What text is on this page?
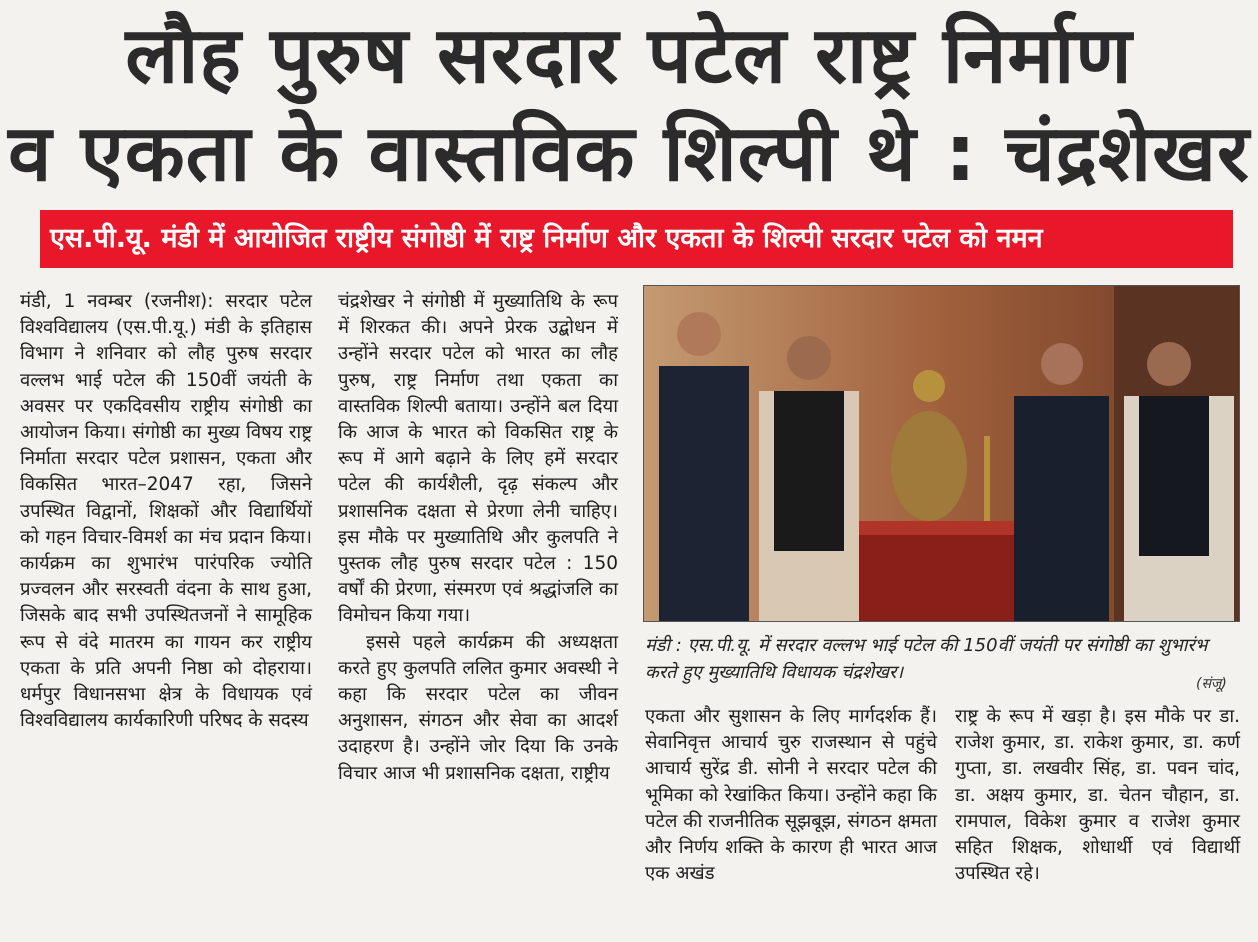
लौह पुरुष सरदार पटेल राष्ट्र निर्माण
व एकता के वास्तविक शिल्पी थे : चंद्रशेखर
एस.पी.यू. मंडी में आयोजित राष्ट्रीय संगोष्ठी में राष्ट्र निर्माण और एकता के शिल्पी सरदार पटेल को नमन

मंडी, 1 नवम्बर (रजनीश): सरदार पटेल विश्वविद्यालय (एस.पी.यू.) मंडी के इतिहास विभाग ने शनिवार को लौह पुरुष सरदार वल्लभ भाई पटेल की 150वीं जयंती के अवसर पर एकदिवसीय राष्ट्रीय संगोष्ठी का आयोजन किया। संगोष्ठी का मुख्य विषय राष्ट्र निर्माता सरदार पटेल प्रशासन, एकता और विकसित भारत–2047 रहा, जिसने उपस्थित विद्वानों, शिक्षकों और विद्यार्थियों को गहन विचार-विमर्श का मंच प्रदान किया। कार्यक्रम का शुभारंभ पारंपरिक ज्योति प्रज्वलन और सरस्वती वंदना के साथ हुआ, जिसके बाद सभी उपस्थितजनों ने सामूहिक रूप से वंदे मातरम का गायन कर राष्ट्रीय एकता के प्रति अपनी निष्ठा को दोहराया। धर्मपुर विधानसभा क्षेत्र के विधायक एवं विश्वविद्यालय कार्यकारिणी परिषद के सदस्य

चंद्रशेखर ने संगोष्ठी में मुख्यातिथि के रूप में शिरकत की। अपने प्रेरक उद्बोधन में उन्होंने सरदार पटेल को भारत का लौह पुरुष, राष्ट्र निर्माण तथा एकता का वास्तविक शिल्पी बताया। उन्होंने बल दिया कि आज के भारत को विकसित राष्ट्र के रूप में आगे बढ़ाने के लिए हमें सरदार पटेल की कार्यशैली, दृढ़ संकल्प और प्रशासनिक दक्षता से प्रेरणा लेनी चाहिए। इस मौके पर मुख्यातिथि और कुलपति ने पुस्तक लौह पुरुष सरदार पटेल : 150 वर्षों की प्रेरणा, संस्मरण एवं श्रद्धांजलि का विमोचन किया गया।

इससे पहले कार्यक्रम की अध्यक्षता करते हुए कुलपति ललित कुमार अवस्थी ने कहा कि सरदार पटेल का जीवन अनुशासन, संगठन और सेवा का आदर्श उदाहरण है। उन्होंने जोर दिया कि उनके विचार आज भी प्रशासनिक दक्षता, राष्ट्रीय

मंडी : एस.पी.यू. में सरदार वल्लभ भाई पटेल की 150वीं जयंती पर संगोष्ठी का शुभारंभ करते हुए मुख्यातिथि विधायक चंद्रशेखर।
(संजू)

एकता और सुशासन के लिए मार्गदर्शक हैं। सेवानिवृत्त आचार्य चुरु राजस्थान से पहुंचे आचार्य सुरेंद्र डी. सोनी ने सरदार पटेल की भूमिका को रेखांकित किया। उन्होंने कहा कि पटेल की राजनीतिक सूझबूझ, संगठन क्षमता और निर्णय शक्ति के कारण ही भारत आज एक अखंड

राष्ट्र के रूप में खड़ा है। इस मौके पर डा. राजेश कुमार, डा. राकेश कुमार, डा. कर्ण गुप्ता, डा. लखवीर सिंह, डा. पवन चांद, डा. अक्षय कुमार, डा. चेतन चौहान, डा. रामपाल, विकेश कुमार व राजेश कुमार सहित शिक्षक, शोधार्थी एवं विद्यार्थी उपस्थित रहे।
